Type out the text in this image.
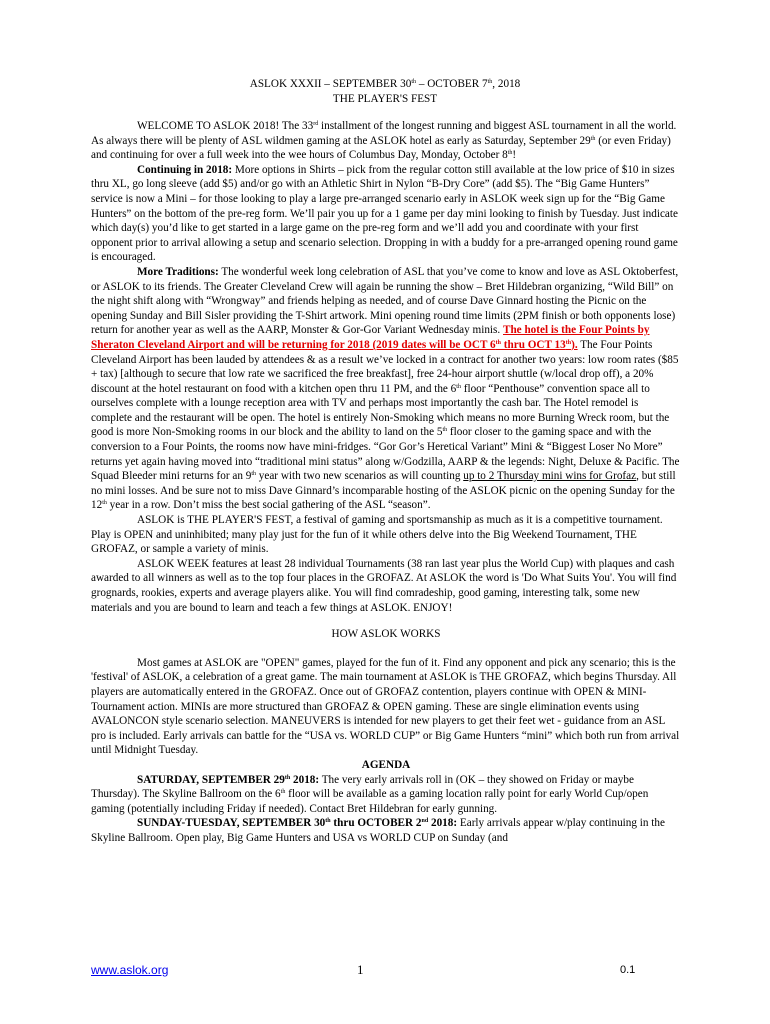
ASLOK XXXII – SEPTEMBER 30th – OCTOBER 7th, 2018
THE PLAYER'S FEST

WELCOME TO ASLOK 2018! The 33rd installment of the longest running and biggest ASL tournament in all the world. As always there will be plenty of ASL wildmen gaming at the ASLOK hotel as early as Saturday, September 29th (or even Friday) and continuing for over a full week into the wee hours of Columbus Day, Monday, October 8th!

Continuing in 2018: More options in Shirts – pick from the regular cotton still available at the low price of $10 in sizes thru XL, go long sleeve (add $5) and/or go with an Athletic Shirt in Nylon “B-Dry Core” (add $5). The “Big Game Hunters” service is now a Mini – for those looking to play a large pre-arranged scenario early in ASLOK week sign up for the “Big Game Hunters” on the bottom of the pre-reg form. We’ll pair you up for a 1 game per day mini looking to finish by Tuesday. Just indicate which day(s) you’d like to get started in a large game on the pre-reg form and we’ll add you and coordinate with your first opponent prior to arrival allowing a setup and scenario selection. Dropping in with a buddy for a pre-arranged opening round game is encouraged.

More Traditions: The wonderful week long celebration of ASL that you’ve come to know and love as ASL Oktoberfest, or ASLOK to its friends. The Greater Cleveland Crew will again be running the show – Bret Hildebran organizing, “Wild Bill” on the night shift along with “Wrongway” and friends helping as needed, and of course Dave Ginnard hosting the Picnic on the opening Sunday and Bill Sisler providing the T-Shirt artwork. Mini opening round time limits (2PM finish or both opponents lose) return for another year as well as the AARP, Monster & Gor-Gor Variant Wednesday minis. The hotel is the Four Points by Sheraton Cleveland Airport and will be returning for 2018 (2019 dates will be OCT 6th thru OCT 13th). The Four Points Cleveland Airport has been lauded by attendees & as a result we’ve locked in a contract for another two years: low room rates ($85 + tax) [although to secure that low rate we sacrificed the free breakfast], free 24-hour airport shuttle (w/local drop off), a 20% discount at the hotel restaurant on food with a kitchen open thru 11 PM, and the 6th floor “Penthouse” convention space all to ourselves complete with a lounge reception area with TV and perhaps most importantly the cash bar. The Hotel remodel is complete and the restaurant will be open. The hotel is entirely Non-Smoking which means no more Burning Wreck room, but the good is more Non-Smoking rooms in our block and the ability to land on the 5th floor closer to the gaming space and with the conversion to a Four Points, the rooms now have mini-fridges. “Gor Gor’s Heretical Variant” Mini & “Biggest Loser No More” returns yet again having moved into “traditional mini status” along w/Godzilla, AARP & the legends: Night, Deluxe & Pacific. The Squad Bleeder mini returns for an 9th year with two new scenarios as will counting up to 2 Thursday mini wins for Grofaz, but still no mini losses. And be sure not to miss Dave Ginnard’s incomparable hosting of the ASLOK picnic on the opening Sunday for the 12th year in a row. Don’t miss the best social gathering of the ASL “season”.

ASLOK is THE PLAYER'S FEST, a festival of gaming and sportsmanship as much as it is a competitive tournament. Play is OPEN and uninhibited; many play just for the fun of it while others delve into the Big Weekend Tournament, THE GROFAZ, or sample a variety of minis.

ASLOK WEEK features at least 28 individual Tournaments (38 ran last year plus the World Cup) with plaques and cash awarded to all winners as well as to the top four places in the GROFAZ. At ASLOK the word is 'Do What Suits You'. You will find grognards, rookies, experts and average players alike. You will find comradeship, good gaming, interesting talk, some new materials and you are bound to learn and teach a few things at ASLOK. ENJOY!

HOW ASLOK WORKS

Most games at ASLOK are "OPEN" games, played for the fun of it. Find any opponent and pick any scenario; this is the 'festival' of ASLOK, a celebration of a great game. The main tournament at ASLOK is THE GROFAZ, which begins Thursday. All players are automatically entered in the GROFAZ. Once out of GROFAZ contention, players continue with OPEN & MINI-Tournament action. MINIs are more structured than GROFAZ & OPEN gaming. These are single elimination events using AVALONCON style scenario selection. MANEUVERS is intended for new players to get their feet wet - guidance from an ASL pro is included. Early arrivals can battle for the “USA vs. WORLD CUP” or Big Game Hunters “mini” which both run from arrival until Midnight Tuesday.

AGENDA

SATURDAY, SEPTEMBER 29th 2018: The very early arrivals roll in (OK – they showed on Friday or maybe Thursday). The Skyline Ballroom on the 6th floor will be available as a gaming location rally point for early World Cup/open gaming (potentially including Friday if needed). Contact Bret Hildebran for early gunning.

SUNDAY-TUESDAY, SEPTEMBER 30th thru OCTOBER 2nd 2018: Early arrivals appear w/play continuing in the Skyline Ballroom. Open play, Big Game Hunters and USA vs WORLD CUP on Sunday (and

www.aslok.org	1	0.1
